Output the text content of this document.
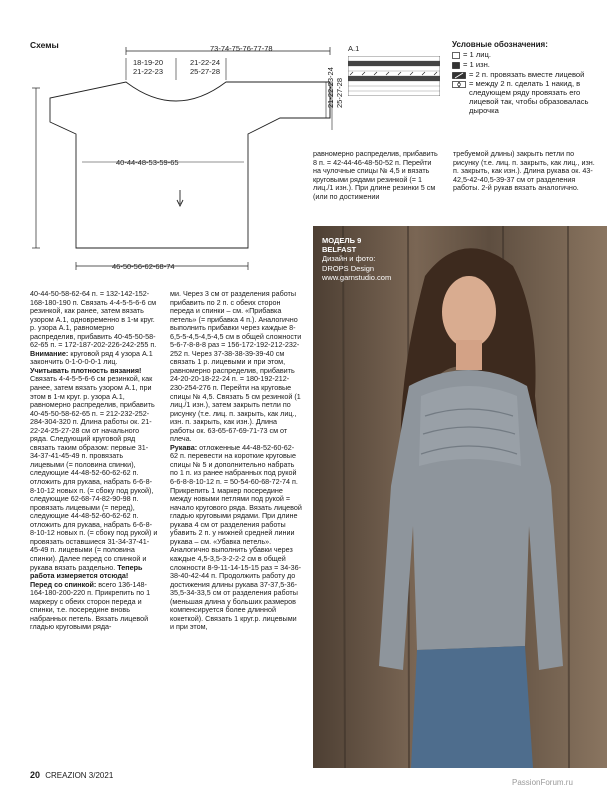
Схемы	73-74-75-76-77-78
18-19-20
21-22-23
21-22-24
25-27-28
40-44-48-53-59-65
46-50-56-62-68-74
21-22-23-24
25-27-28
A.1	Условные обозначения:
= 1 лиц.
= 1 изн.
= 2 п. провязать вместе лицевой
= между 2 п. сделать 1 накид, в следующем ряду провязать его лицевой так, чтобы образовалась дырочка
равномерно распределив, прибавить 8 п. = 42-44-46-48-50-52 п. Перейти на чулочные спицы № 4,5 и вязать круговыми рядами резинкой (= 1 лиц./1 изн.). При длине резинки 5 см (или по достижении
требуемой длины) закрыть петли по рисунку (т.е. лиц. п. закрыть, как лиц., изн. п. закрыть, как изн.). Длина рукава ок. 43-42,5-42-40,5-39-37 см от разделения работы. 2-й рукав вязать аналогично.

40-44-50-58-62-64 п. = 132-142-152-168-180-190 п. Связать 4-4-5-5-6-6 см резинкой, как ранее, затем вязать узором А.1, одновременно в 1-м круг. р. узора А.1, равномерно распределив, прибавить 40-45-50-58-62-65 п. = 172-187-202-226-242-255 п.

Внимание: круговой ряд 4 узора А.1 закончить 0-1-0-0-0-1 лиц. Учитывать плотность вязания!

Связать 4-4-5-5-6-6 см резинкой, как ранее, затем вязать узором А.1, при этом в 1-м круг. р. узора А.1, равномерно распределив, прибавить 40-45-50-58-62-65 п. = 212-232-252-284-304-320 п. Длина работы ок. 21-22-24-25-27-28 см от начального ряда. Следующий круговой ряд связать таким образом: первые 31-34-37-41-45-49 п. провязать лицевыми (= половина спинки), следующие 44-48-52-60-62-62 п. отложить для рукава, набрать 6-6-8-8-10-12 новых п. (= сбоку под рукой), следующие 62-68-74-82-90-98 п. провязать лицевыми (= перед), следующие 44-48-52-60-62-62 п. отложить для рукава, набрать 6-6-8-8-10-12 новых п. (= сбоку под рукой) и провязать оставшиеся 31-34-37-41-45-49 п. лицевыми (= половина спинки). Далее перед со спинкой и рукава вязать раздельно. Теперь работа измеряется отсюда!

Перед со спинкой: всего 136-148-164-180-200-220 п. Прикрепить по 1 маркеру с обеих сторон переда и спинки, т.е. посередине вновь набранных петель. Вязать лицевой гладью круговыми ряда-

ми. Через 3 см от разделения работы прибавить по 2 п. с обеих сторон переда и спинки – см. «Прибавка петель» (= прибавка 4 п.). Аналогично выполнить прибавки через каждые 8-6,5-5-4,5-4,5-4,5 см в общей сложности 5-6-7-8-8-8 раз = 156-172-192-212-232-252 п. Через 37-38-38-39-39-40 см связать 1 р. лицевыми и при этом, равномерно распределив, прибавить 24-20-20-18-22-24 п. = 180-192-212-230-254-276 п. Перейти на круговые спицы № 4,5. Связать 5 см резинкой (1 лиц./1 изн.), затем закрыть петли по рисунку (т.е. лиц. п. закрыть, как лиц., изн. п. закрыть, как изн.). Длина работы ок. 63-65-67-69-71-73 см от плеча.

Рукава: отложенные 44-48-52-60-62-62 п. перевести на короткие круговые спицы № 5 и дополнительно набрать по 1 п. из ранее набранных под рукой 6-6-8-8-10-12 п. = 50-54-60-68-72-74 п. Прикрепить 1 маркер посередине между новыми петлями под рукой = начало кругового ряда. Вязать лицевой гладью круговыми рядами. При длине рукава 4 см от разделения работы убавить 2 п. у нижней средней линии рукава – см. «Убавка петель». Аналогично выполнить убавки через каждые 4,5-3,5-3-2-2-2 см в общей сложности 8-9-11-14-15-15 раз = 34-36-38-40-42-44 п. Продолжить работу до достижения длины рукава 37-37,5-36-35,5-34-33,5 см от разделения работы (меньшая длина у больших размеров компенсируется более длинной кокеткой). Связать 1 круг.р. лицевыми и при этом,

МОДЕЛЬ 9
BELFAST
Дизайн и фото:
DROPS Design
www.garnstudio.com
20 CREAZION 3/2021
PassionForum.ru
